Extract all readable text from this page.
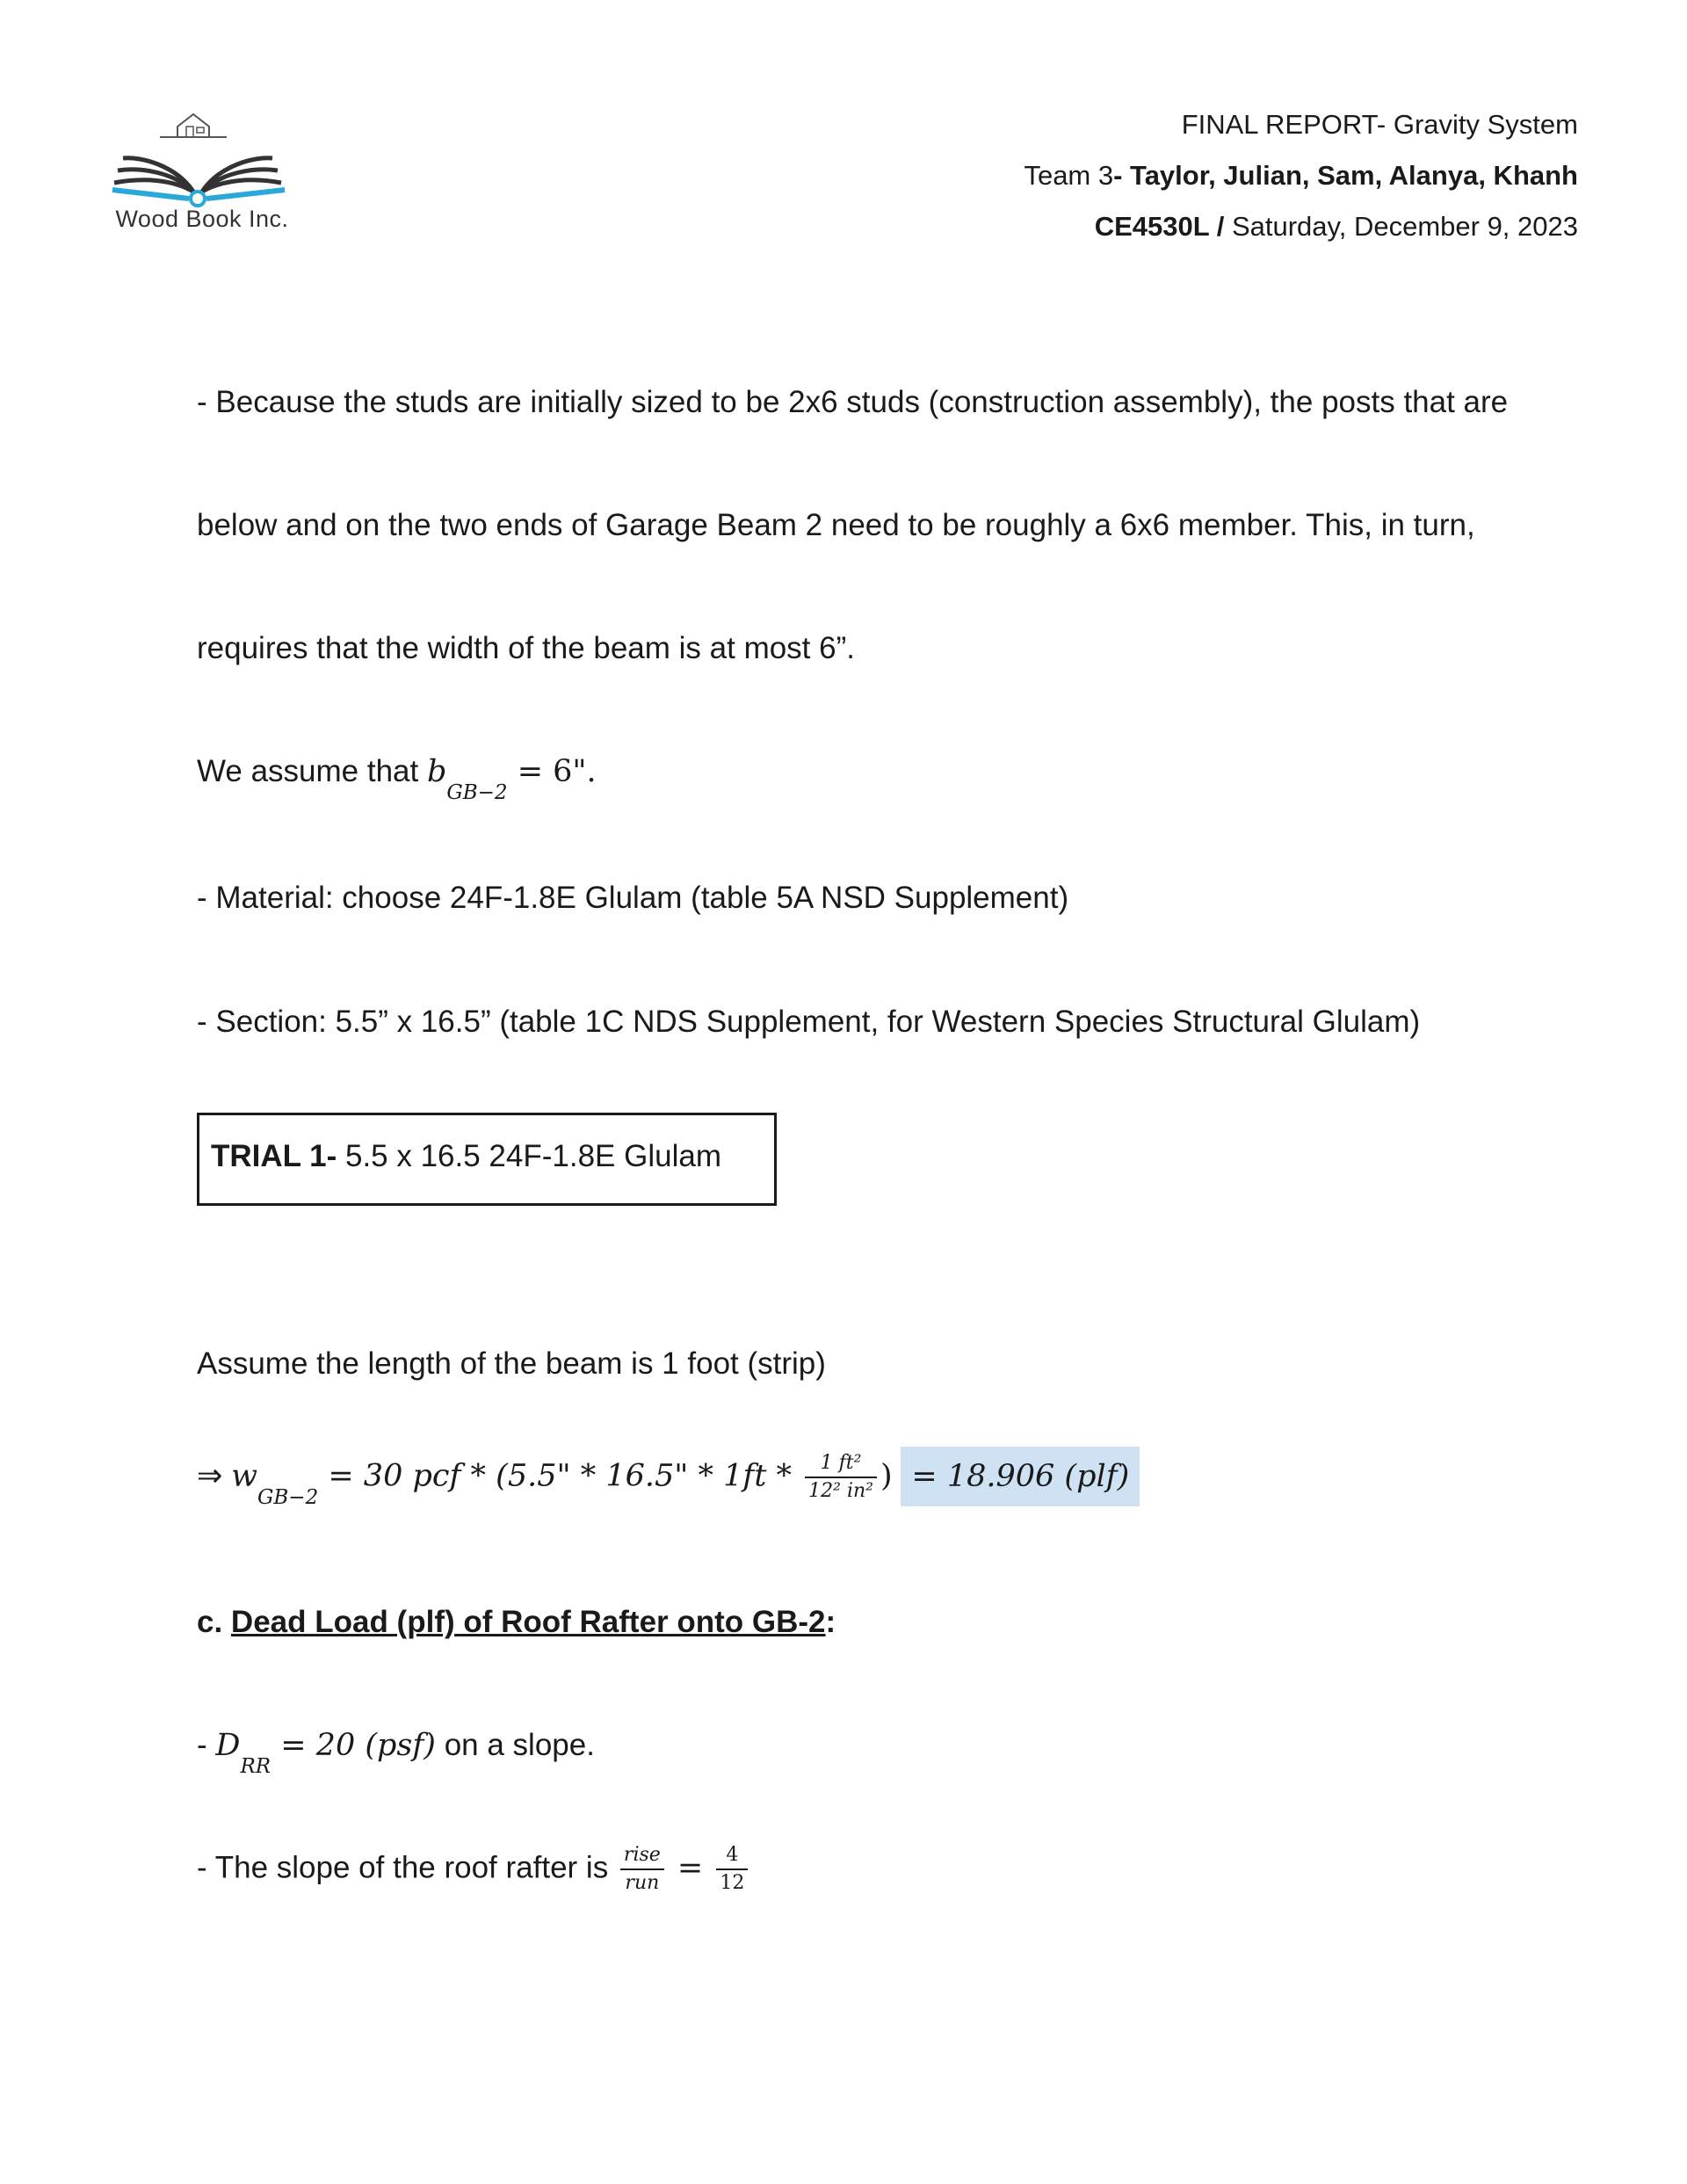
Wood Book Inc.
FINAL REPORT- Gravity System
Team 3- Taylor, Julian, Sam, Alanya, Khanh
CE4530L / Saturday, December 9, 2023
- Because the studs are initially sized to be 2x6 studs (construction assembly), the posts that are
below and on the two ends of Garage Beam 2 need to be roughly a 6x6 member. This, in turn,
requires that the width of the beam is at most 6”.
We assume that $b_{GB-2} = 6$".
- Material: choose 24F-1.8E Glulam (table 5A NSD Supplement)
- Section: 5.5” x 16.5” (table 1C NDS Supplement, for Western Species Structural Glulam)
TRIAL 1- 5.5 x 16.5 24F-1.8E Glulam
Assume the length of the beam is 1 foot (strip)
⇒ $w_{GB-2} = 30$ pcf * (5.5" * 16.5" * $1ft * \frac{\text{1 ft²}}{\text{12² in²}}$ ) = 18.906 (plf)
c. Dead Load (plf) of Roof Rafter onto GB-2:
- $D_{RR} = 20$ (psf) on a slope.
- The slope of the roof rafter is $\frac{\text{rise}}{\text{run}} = \frac{4}{12}$
